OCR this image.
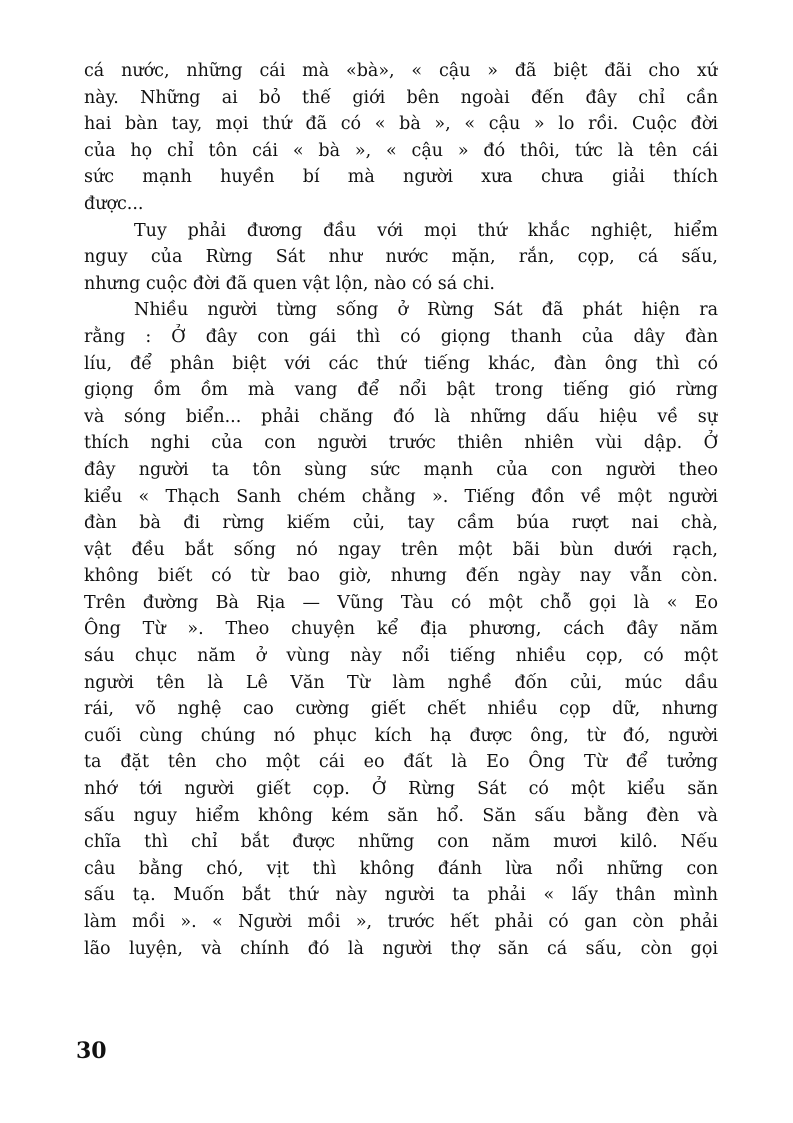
cá nước, những cái mà «bà», « cậu » đã biệt đãi cho xứ
này. Những ai bỏ thế giới bên ngoài đến đây chỉ cần
hai bàn tay, mọi thứ đã có « bà », « cậu » lo rồi. Cuộc đời
của họ chỉ tôn cái « bà », « cậu » đó thôi, tức là tên cái
sức mạnh huyền bí mà người xưa chưa giải thích
được...
Tuy phải đương đầu với mọi thứ khắc nghiệt, hiểm
nguy của Rừng Sát như nước mặn, rắn, cọp, cá sấu,
nhưng cuộc đời đã quen vật lộn, nào có sá chi.
Nhiều người từng sống ở Rừng Sát đã phát hiện ra
rằng : Ở đây con gái thì có giọng thanh của dây đàn
líu, để phân biệt với các thứ tiếng khác, đàn ông thì có
giọng ồm ồm mà vang để nổi bật trong tiếng gió rừng
và sóng biển... phải chăng đó là những dấu hiệu về sự
thích nghi của con người trước thiên nhiên vùi dập. Ở
đây người ta tôn sùng sức mạnh của con người theo
kiểu « Thạch Sanh chém chằng ». Tiếng đồn về một người
đàn bà đi rừng kiếm củi, tay cầm búa rượt nai chà,
vật đều bắt sống nó ngay trên một bãi bùn dưới rạch,
không biết có từ bao giờ, nhưng đến ngày nay vẫn còn.
Trên đường Bà Rịa — Vũng Tàu có một chỗ gọi là « Eo
Ông Từ ». Theo chuyện kể địa phương, cách đây năm
sáu chục năm ở vùng này nổi tiếng nhiều cọp, có một
người tên là Lê Văn Từ làm nghề đốn củi, múc dầu
rái, võ nghệ cao cường giết chết nhiều cọp dữ, nhưng
cuối cùng chúng nó phục kích hạ được ông, từ đó, người
ta đặt tên cho một cái eo đất là Eo Ông Từ để tưởng
nhớ tới người giết cọp. Ở Rừng Sát có một kiểu săn
sấu nguy hiểm không kém săn hổ. Săn sấu bằng đèn và
chĩa thì chỉ bắt được những con năm mươi kilô. Nếu
câu bằng chó, vịt thì không đánh lừa nổi những con
sấu tạ. Muốn bắt thứ này người ta phải « lấy thân mình
làm mồi ». « Người mồi », trước hết phải có gan còn phải
lão luyện, và chính đó là người thợ săn cá sấu, còn gọi
30
